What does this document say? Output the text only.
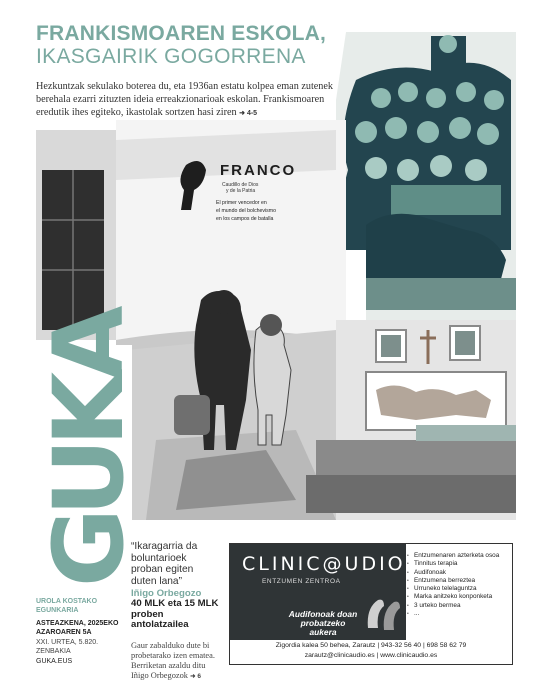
FRANCO
Caudillo de Dios
y de la Patria
El primer vencedor en
el mundo del bolchevismo
en los campos de batalla
FRANKISMOAREN ESKOLA,
IKASGAIRIK GOGORRENA

Hezkuntzak sekulako boterea du, eta 1936an estatu kolpea eman zutenek berehala ezarri zituzten ideia erreakzionarioak eskolan. Frankismoaren eredutik ihes egiteko, ikastolak sortzen hasi ziren ➜ 4-5

GUKA
UROLA KOSTAKO
EGUNKARIA
ASTEAZKENA, 2025EKO AZAROAREN 5A
XXI. URTEA, 5.820. ZENBAKIA
GUKA.EUS

“Ikaragarria da boluntarioek proban egiten duten lana”

Iñigo Orbegozo

40 MLK eta 15 MLK proben antolatzailea

Gaur zabalduko dute bi probetarako izen ematea. Berriketan azaldu ditu Iñigo Orbegozok ➜ 6

CLINIC@UDIO
ENTZUMEN ZENTROA
Audifonoak doan probatzeko aukera
• Entzumenaren azterketa osoa
• Tinnitus terapia
• Audifonoak
• Entzumena berreztea
• Urruneko telelaguntza
• Marka anitzeko konponketa
• 3 urteko bermea
• ...
Zigordia kalea 50 behea, Zarautz | 943-32 56 40 | 698 58 62 79
zarautz@clinicaudio.es | www.clinicaudio.es
